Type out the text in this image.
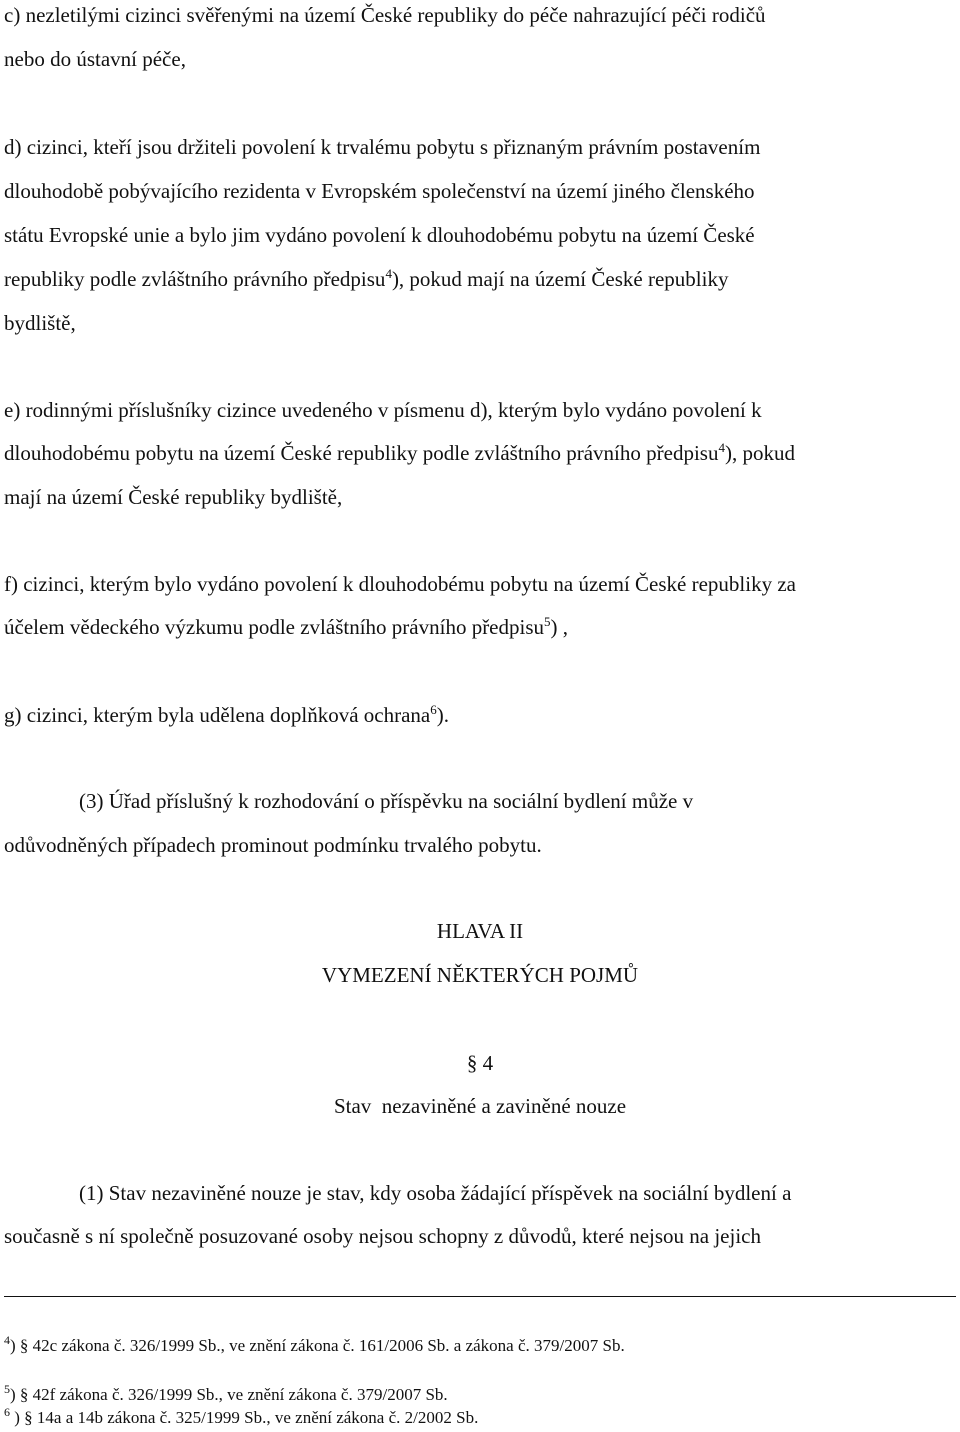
c) nezletilými cizinci svěřenými na území České republiky do péče nahrazující péči rodičů

nebo do ústavní péče,

d) cizinci, kteří jsou držiteli povolení k trvalému pobytu s přiznaným právním postavením

dlouhodobě pobývajícího rezidenta v Evropském společenství na území jiného členského

státu Evropské unie a bylo jim vydáno povolení k dlouhodobému pobytu na území České

republiky podle zvláštního právního předpisu$^4$), pokud mají na území České republiky

bydliště,

e) rodinnými příslušníky cizince uvedeného v písmenu d), kterým bylo vydáno povolení k

dlouhodobému pobytu na území České republiky podle zvláštního právního předpisu$^4$), pokud

mají na území České republiky bydliště,

f) cizinci, kterým bylo vydáno povolení k dlouhodobému pobytu na území České republiky za

účelem vědeckého výzkumu podle zvláštního právního předpisu$^5$) ,

g) cizinci, kterým byla udělena doplňková ochrana$^6$).

(3) Úřad příslušný k rozhodování o příspěvku na sociální bydlení může v

odůvodněných případech prominout podmínku trvalého pobytu.

HLAVA II

VYMEZENÍ NĚKTERÝCH POJMŮ

§ 4

Stav  nezaviněné a zaviněné nouze

(1) Stav nezaviněné nouze je stav, kdy osoba žádající příspěvek na sociální bydlení a

současně s ní společně posuzované osoby nejsou schopny z důvodů, které nejsou na jejich

$^4$) § 42c zákona č. 326/1999 Sb., ve znění zákona č. 161/2006 Sb. a zákona č. 379/2007 Sb.

$^5$) § 42f zákona č. 326/1999 Sb., ve znění zákona č. 379/2007 Sb.

$^6$ ) § 14a a 14b zákona č. 325/1999 Sb., ve znění zákona č. 2/2002 Sb.
